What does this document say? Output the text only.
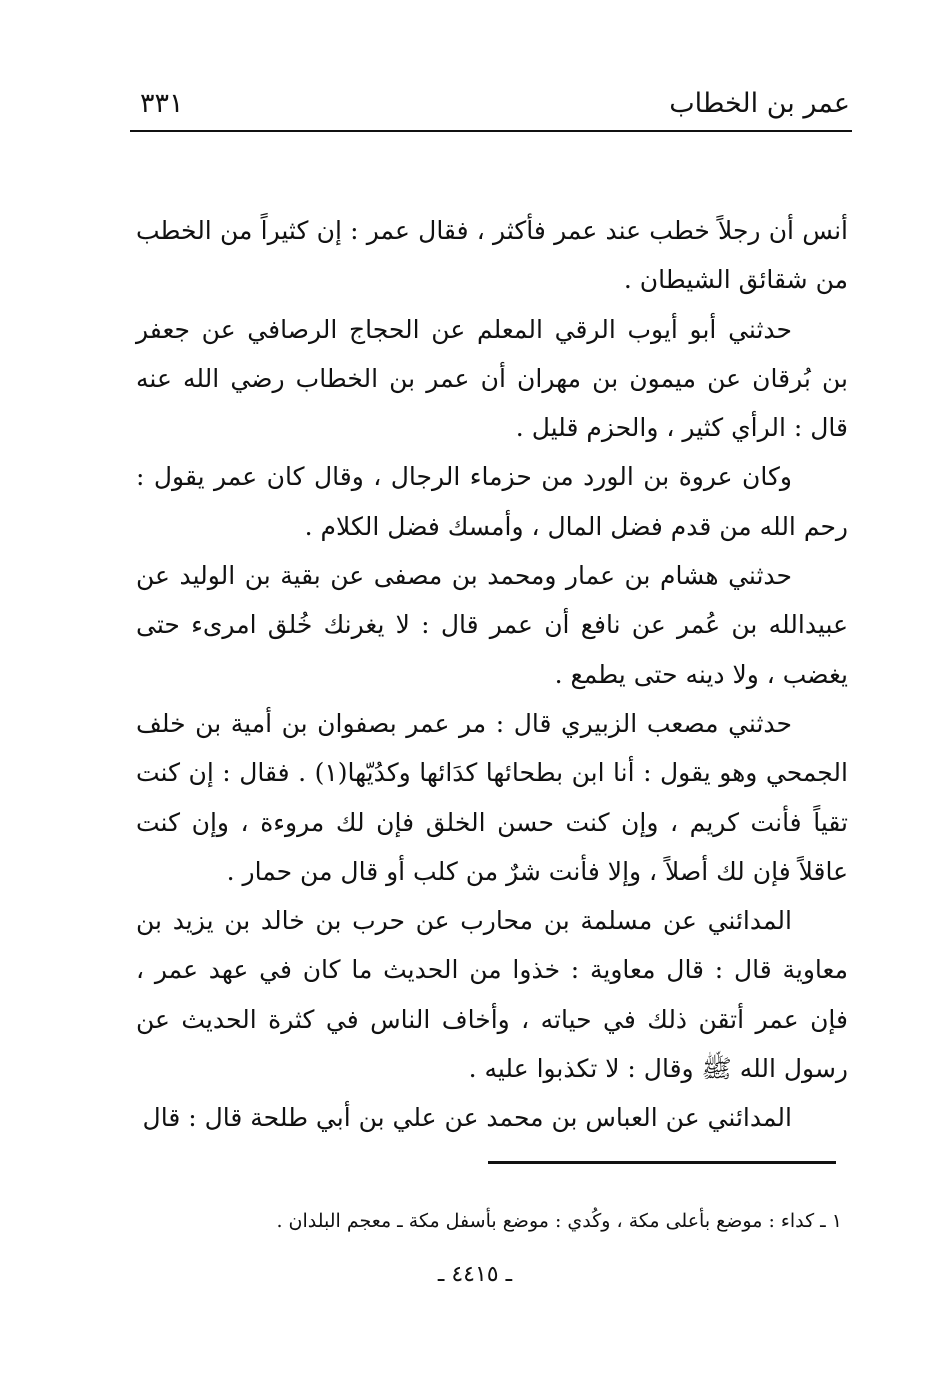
عمر بن الخطاب
٣٣١

أنس أن رجلاً خطب عند عمر فأكثر ، فقال عمر : إن كثيراً من الخطب من شقائق الشيطان .

حدثني أبو أيوب الرقي المعلم عن الحجاج الرصافي عن جعفر بن بُرقان عن ميمون بن مهران أن عمر بن الخطاب رضي الله عنه قال : الرأي كثير ، والحزم قليل .

وكان عروة بن الورد من حزماء الرجال ، وقال كان عمر يقول : رحم الله من قدم فضل المال ، وأمسك فضل الكلام .

حدثني هشام بن عمار ومحمد بن مصفى عن بقية بن الوليد عن عبيدالله بن عُمر عن نافع أن عمر قال : لا يغرنك خُلق امرىء حتى يغضب ، ولا دينه حتى يطمع .

حدثني مصعب الزبيري قال : مر عمر بصفوان بن أمية بن خلف الجمحي وهو يقول : أنا ابن بطحائها كدَائها وكدُيّها(١) . فقال : إن كنت تقياً فأنت كريم ، وإن كنت حسن الخلق فإن لك مروءة ، وإن كنت عاقلاً فإن لك أصلاً ، وإلا فأنت شرٌ من كلب أو قال من حمار .

المدائني عن مسلمة بن محارب عن حرب بن خالد بن يزيد بن معاوية قال : قال معاوية : خذوا من الحديث ما كان في عهد عمر ، فإن عمر أتقن ذلك في حياته ، وأخاف الناس في كثرة الحديث عن رسول الله ﷺ وقال : لا تكذبوا عليه .

المدائني عن العباس بن محمد عن علي بن أبي طلحة قال : قال

١ ـ كداء : موضع بأعلى مكة ، وكُدي : موضع بأسفل مكة ـ معجم البلدان .
ـ ٤٤١٥ ـ
